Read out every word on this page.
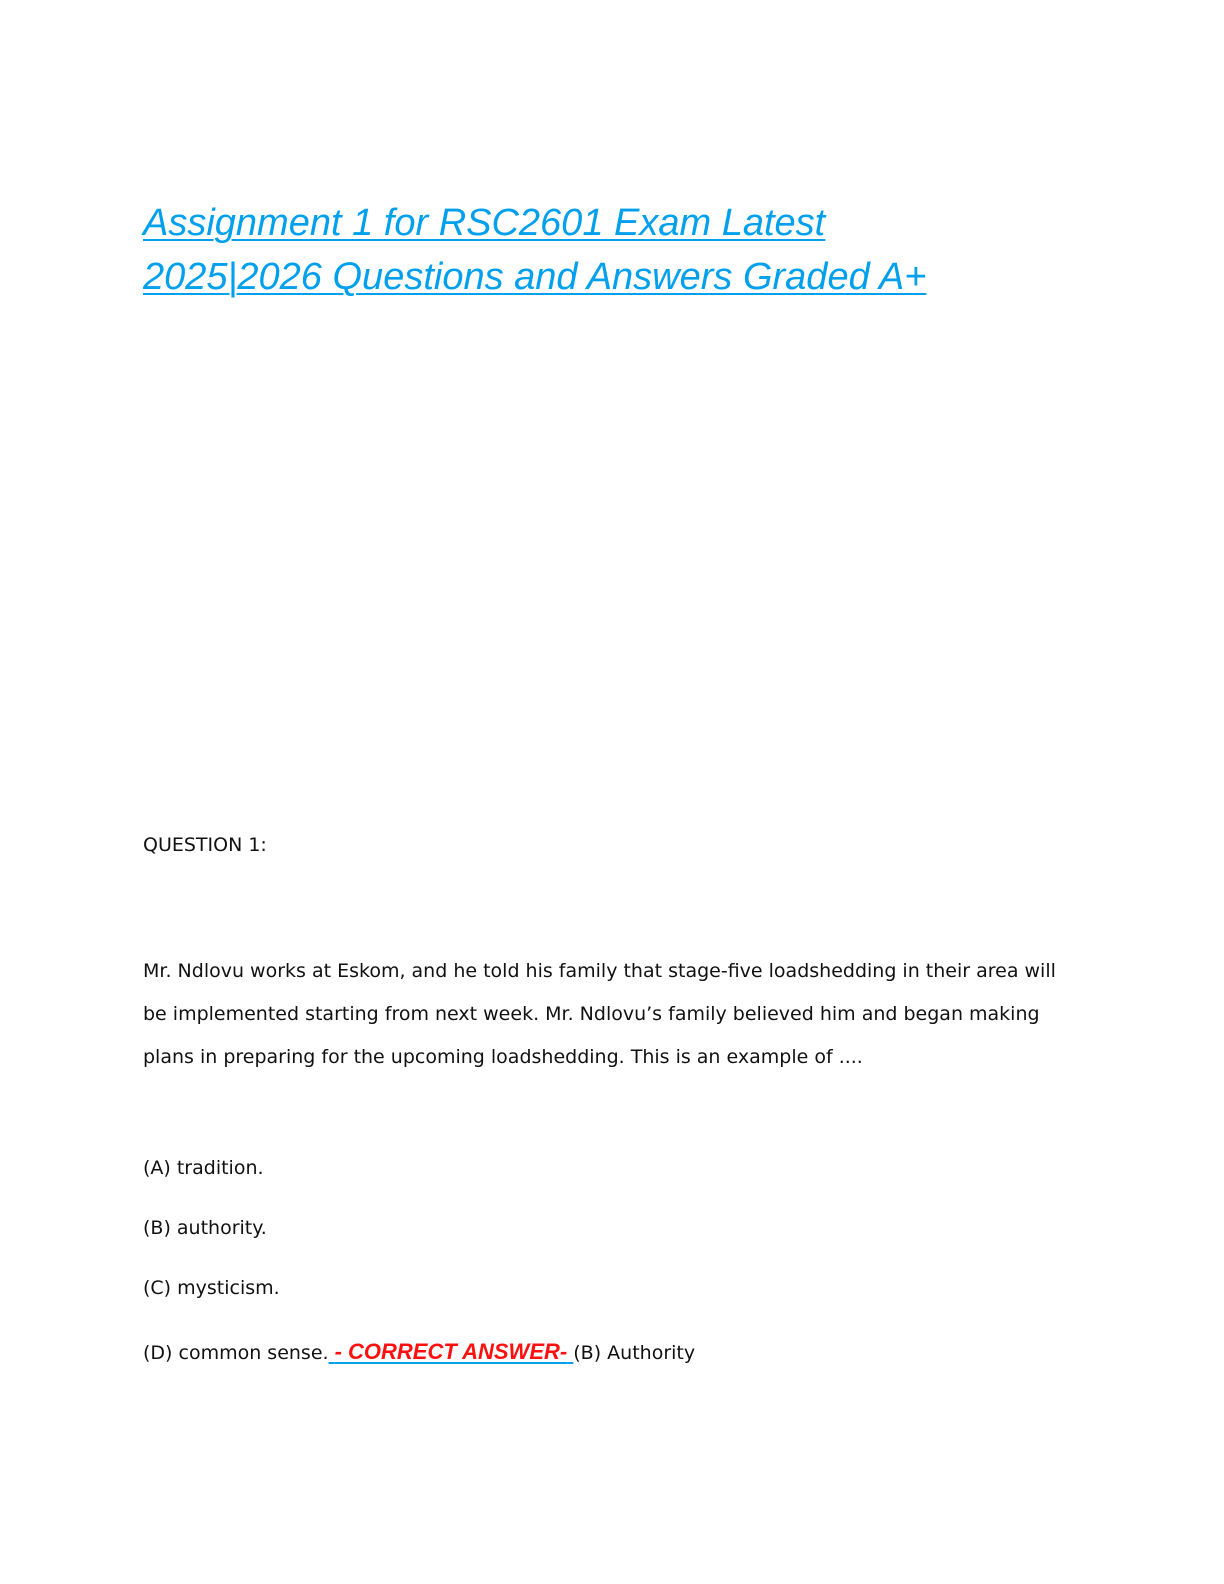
Assignment 1 for RSC2601 Exam Latest
2025|2026 Questions and Answers Graded A+

QUESTION 1:

Mr. Ndlovu works at Eskom, and he told his family that stage-five loadshedding in their area will
be implemented starting from next week. Mr. Ndlovu’s family believed him and began making
plans in preparing for the upcoming loadshedding. This is an example of ....

(A) tradition.

(B) authority.

(C) mysticism.

(D) common sense. - CORRECT ANSWER- (B) Authority
